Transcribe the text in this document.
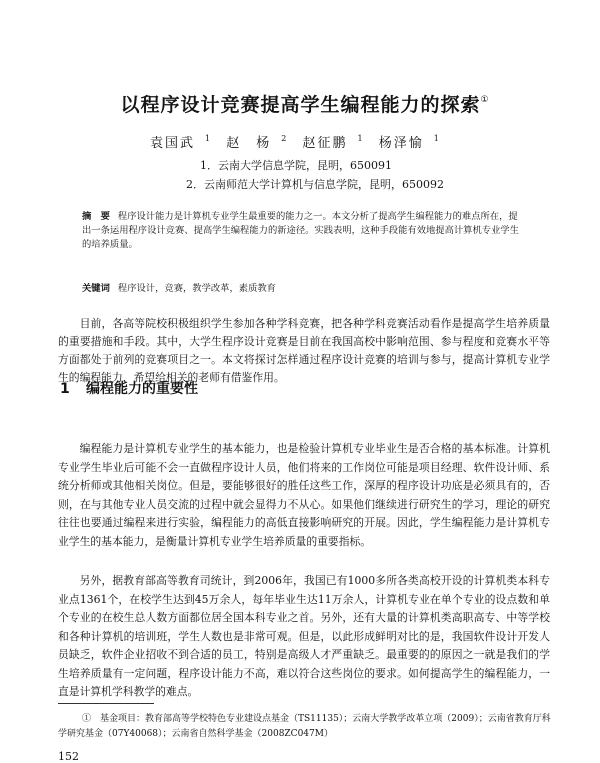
以程序设计竞赛提高学生编程能力的探索①
袁国武 $^1$ 赵　杨 $^2$ 赵征鹏 $^1$ 杨泽愉 $^1$
1．云南大学信息学院，昆明，650091
2．云南师范大学计算机与信息学院，昆明，650092
摘　要 程序设计能力是计算机专业学生最重要的能力之一。本文分析了提高学生编程能力的难点所在，提出一条运用程序设计竞赛、提高学生编程能力的新途径。实践表明，这种手段能有效地提高计算机专业学生的培养质量。
关键词 程序设计，竞赛，教学改革，素质教育
目前，各高等院校积极组织学生参加各种学科竞赛，把各种学科竞赛活动看作是提高学生培养质量的重要措施和手段。其中，大学生程序设计竞赛是目前在我国高校中影响范围、参与程度和竞赛水平等方面都处于前列的竞赛项目之一。本文将探讨怎样通过程序设计竞赛的培训与参与，提高计算机专业学生的编程能力，希望给相关的老师有借鉴作用。
1 编程能力的重要性
编程能力是计算机专业学生的基本能力，也是检验计算机专业毕业生是否合格的基本标准。计算机专业学生毕业后可能不会一直做程序设计人员，他们将来的工作岗位可能是项目经理、软件设计师、系统分析师或其他相关岗位。但是，要能够很好的胜任这些工作，深厚的程序设计功底是必须具有的，否则，在与其他专业人员交流的过程中就会显得力不从心。如果他们继续进行研究生的学习，理论的研究往往也要通过编程来进行实验，编程能力的高低直接影响研究的开展。因此，学生编程能力是计算机专业学生的基本能力，是衡量计算机专业学生培养质量的重要指标。
另外，据教育部高等教育司统计，到2006年，我国已有1000多所各类高校开设的计算机类本科专业点1361个，在校学生达到45万余人，每年毕业生达11万余人，计算机专业在单个专业的设点数和单个专业的在校生总人数方面都位居全国本科专业之首。另外，还有大量的计算机类高职高专、中等学校和各种计算机的培训班，学生人数也是非常可观。但是，以此形成鲜明对比的是，我国软件设计开发人员缺乏，软件企业招收不到合适的员工，特别是高级人才严重缺乏。最重要的的原因之一就是我们的学生培养质量有一定问题，程序设计能力不高，难以符合这些岗位的要求。如何提高学生的编程能力，一直是计算机学科教学的难点。
①　基金项目：教育部高等学校特色专业建设点基金（TS11135）；云南大学教学改革立项（2009）；云南省教育厅科学研究基金（07Y40068）；云南省自然科学基金（2008ZC047M）
152
